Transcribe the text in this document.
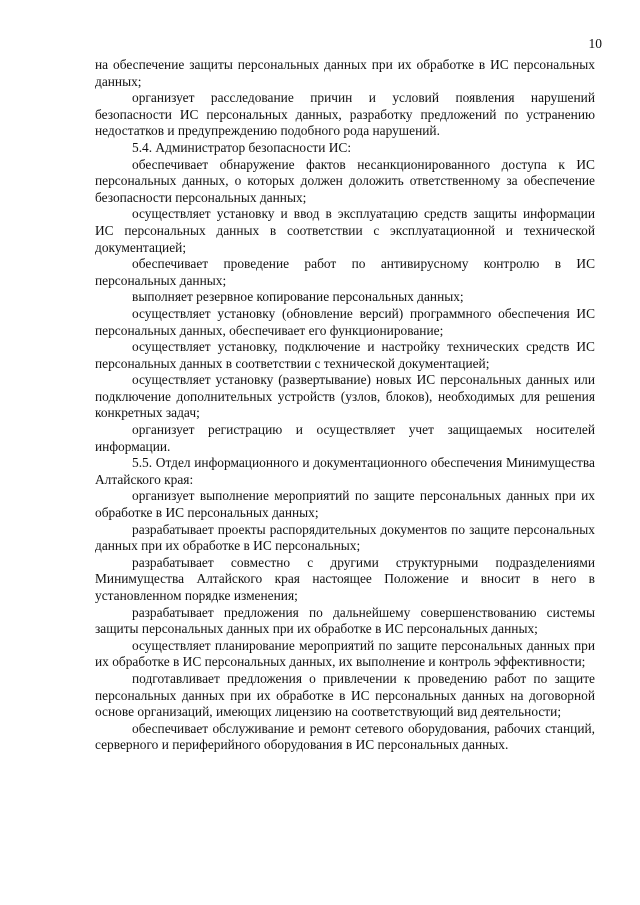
10

на обеспечение защиты персональных данных при их обработке в ИС персональных данных;

организует расследование причин и условий появления нарушений безопасности ИС персональных данных, разработку предложений по устранению недостатков и предупреждению подобного рода нарушений.

5.4. Администратор безопасности ИС:

обеспечивает обнаружение фактов несанкционированного доступа к ИС персональных данных, о которых должен доложить ответственному за обеспечение безопасности персональных данных;

осуществляет установку и ввод в эксплуатацию средств защиты информации ИС персональных данных в соответствии с эксплуатационной и технической документацией;

обеспечивает проведение работ по антивирусному контролю в ИС персональных данных;

выполняет резервное копирование персональных данных;

осуществляет установку (обновление версий) программного обеспечения ИС персональных данных, обеспечивает его функционирование;

осуществляет установку, подключение и настройку технических средств ИС персональных данных в соответствии с технической документацией;

осуществляет установку (развертывание) новых ИС персональных данных или подключение дополнительных устройств (узлов, блоков), необходимых для решения конкретных задач;

организует регистрацию и осуществляет учет защищаемых носителей информации.

5.5. Отдел информационного и документационного обеспечения Минимущества Алтайского края:

организует выполнение мероприятий по защите персональных данных при их обработке в ИС персональных данных;

разрабатывает проекты распорядительных документов по защите персональных данных при их обработке в ИС персональных;

разрабатывает совместно с другими структурными подразделениями Минимущества Алтайского края настоящее Положение и вносит в него в установленном порядке изменения;

разрабатывает предложения по дальнейшему совершенствованию системы защиты персональных данных при их обработке в ИС персональных данных;

осуществляет планирование мероприятий по защите персональных данных при их обработке в ИС персональных данных, их выполнение и контроль эффективности;

подготавливает предложения о привлечении к проведению работ по защите персональных данных при их обработке в ИС персональных данных на договорной основе организаций, имеющих лицензию на соответствующий вид деятельности;

обеспечивает обслуживание и ремонт сетевого оборудования, рабочих станций, серверного и периферийного оборудования в ИС персональных данных.
